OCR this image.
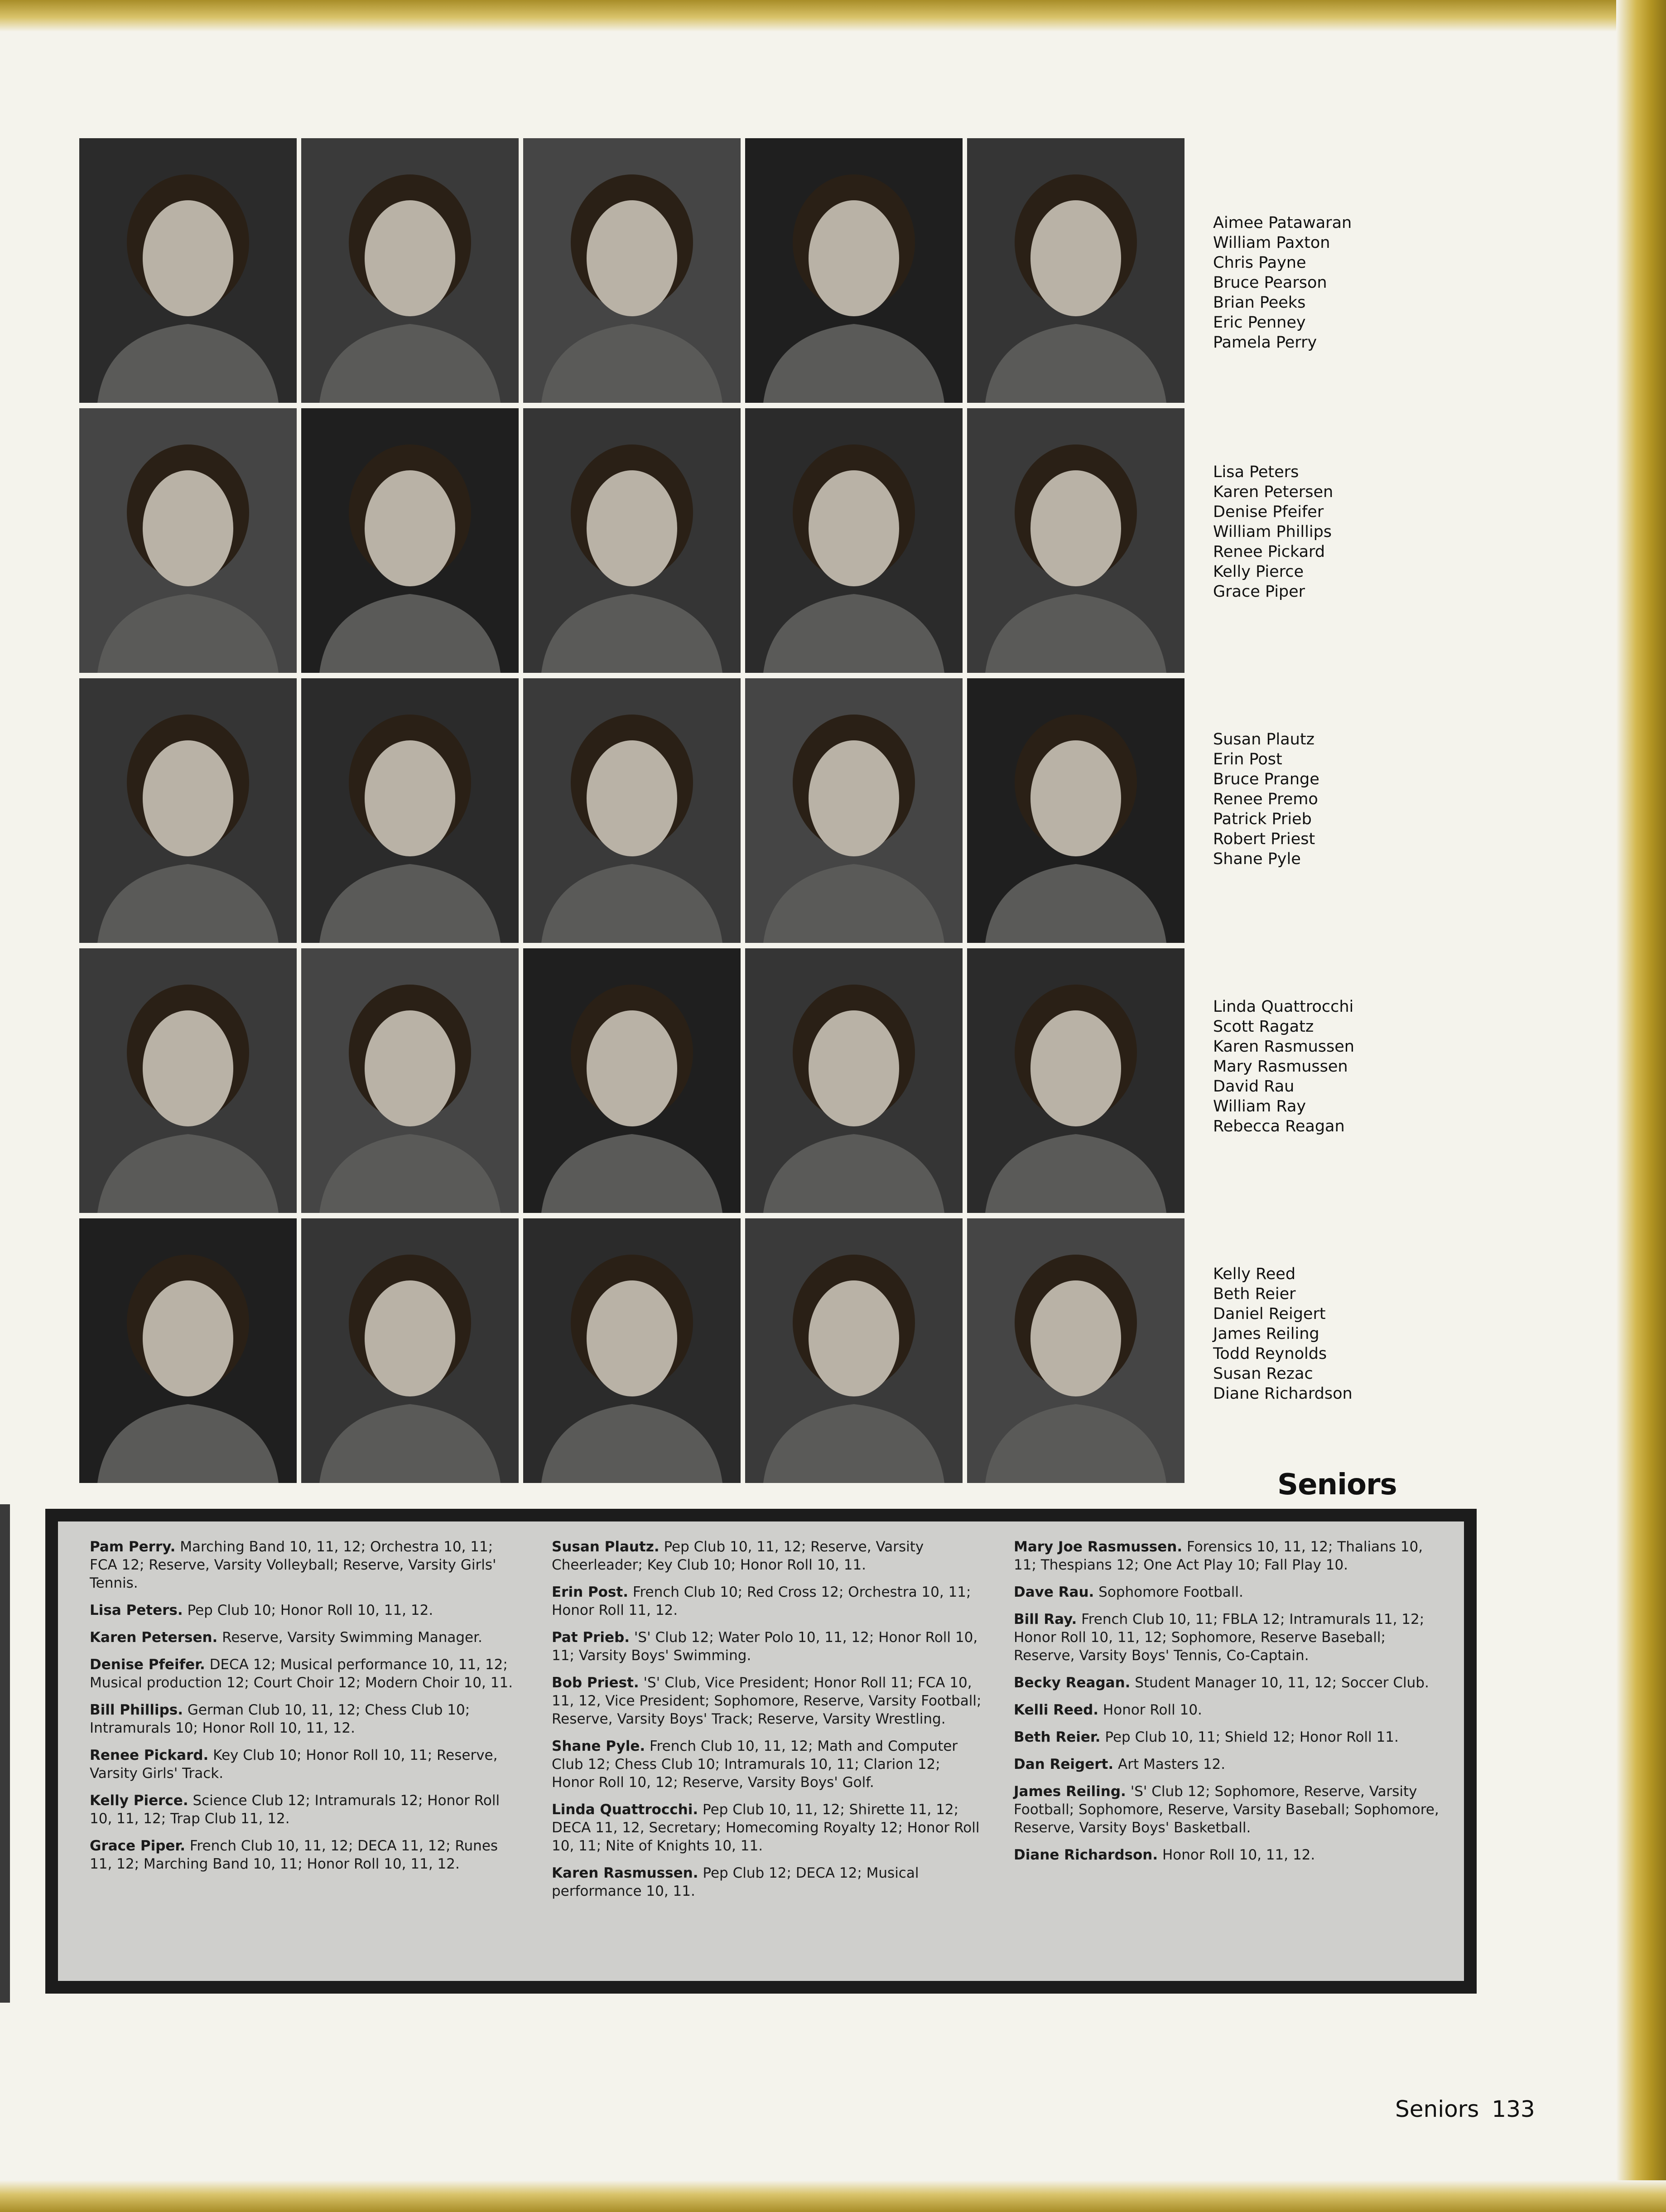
Aimee Patawaran
William Paxton
Chris Payne
Bruce Pearson
Brian Peeks
Eric Penney
Pamela Perry
Lisa Peters
Karen Petersen
Denise Pfeifer
William Phillips
Renee Pickard
Kelly Pierce
Grace Piper
Susan Plautz
Erin Post
Bruce Prange
Renee Premo
Patrick Prieb
Robert Priest
Shane Pyle
Linda Quattrocchi
Scott Ragatz
Karen Rasmussen
Mary Rasmussen
David Rau
William Ray
Rebecca Reagan
Kelly Reed
Beth Reier
Daniel Reigert
James Reiling
Todd Reynolds
Susan Rezac
Diane Richardson
Seniors

Pam Perry. Marching Band 10, 11, 12; Orchestra 10, 11; FCA 12; Reserve, Varsity Volleyball; Reserve, Varsity Girls' Tennis.

Lisa Peters. Pep Club 10; Honor Roll 10, 11, 12.

Karen Petersen. Reserve, Varsity Swimming Manager.

Denise Pfeifer. DECA 12; Musical performance 10, 11, 12; Musical production 12; Court Choir 12; Modern Choir 10, 11.

Bill Phillips. German Club 10, 11, 12; Chess Club 10; Intramurals 10; Honor Roll 10, 11, 12.

Renee Pickard. Key Club 10; Honor Roll 10, 11; Reserve, Varsity Girls' Track.

Kelly Pierce. Science Club 12; Intramurals 12; Honor Roll 10, 11, 12; Trap Club 11, 12.

Grace Piper. French Club 10, 11, 12; DECA 11, 12; Runes 11, 12; Marching Band 10, 11; Honor Roll 10, 11, 12.

Susan Plautz. Pep Club 10, 11, 12; Reserve, Varsity Cheerleader; Key Club 10; Honor Roll 10, 11.

Erin Post. French Club 10; Red Cross 12; Orchestra 10, 11; Honor Roll 11, 12.

Pat Prieb. 'S' Club 12; Water Polo 10, 11, 12; Honor Roll 10, 11; Varsity Boys' Swimming.

Bob Priest. 'S' Club, Vice President; Honor Roll 11; FCA 10, 11, 12, Vice President; Sophomore, Reserve, Varsity Football; Reserve, Varsity Boys' Track; Reserve, Varsity Wrestling.

Shane Pyle. French Club 10, 11, 12; Math and Computer Club 12; Chess Club 10; Intramurals 10, 11; Clarion 12; Honor Roll 10, 12; Reserve, Varsity Boys' Golf.

Linda Quattrocchi. Pep Club 10, 11, 12; Shirette 11, 12; DECA 11, 12, Secretary; Homecoming Royalty 12; Honor Roll 10, 11; Nite of Knights 10, 11.

Karen Rasmussen. Pep Club 12; DECA 12; Musical performance 10, 11.

Mary Joe Rasmussen. Forensics 10, 11, 12; Thalians 10, 11; Thespians 12; One Act Play 10; Fall Play 10.

Dave Rau. Sophomore Football.

Bill Ray. French Club 10, 11; FBLA 12; Intramurals 11, 12; Honor Roll 10, 11, 12; Sophomore, Reserve Baseball; Reserve, Varsity Boys' Tennis, Co-Captain.

Becky Reagan. Student Manager 10, 11, 12; Soccer Club.

Kelli Reed. Honor Roll 10.

Beth Reier. Pep Club 10, 11; Shield 12; Honor Roll 11.

Dan Reigert. Art Masters 12.

James Reiling. 'S' Club 12; Sophomore, Reserve, Varsity Football; Sophomore, Reserve, Varsity Baseball; Sophomore, Reserve, Varsity Boys' Basketball.

Diane Richardson. Honor Roll 10, 11, 12.

Seniors 133
